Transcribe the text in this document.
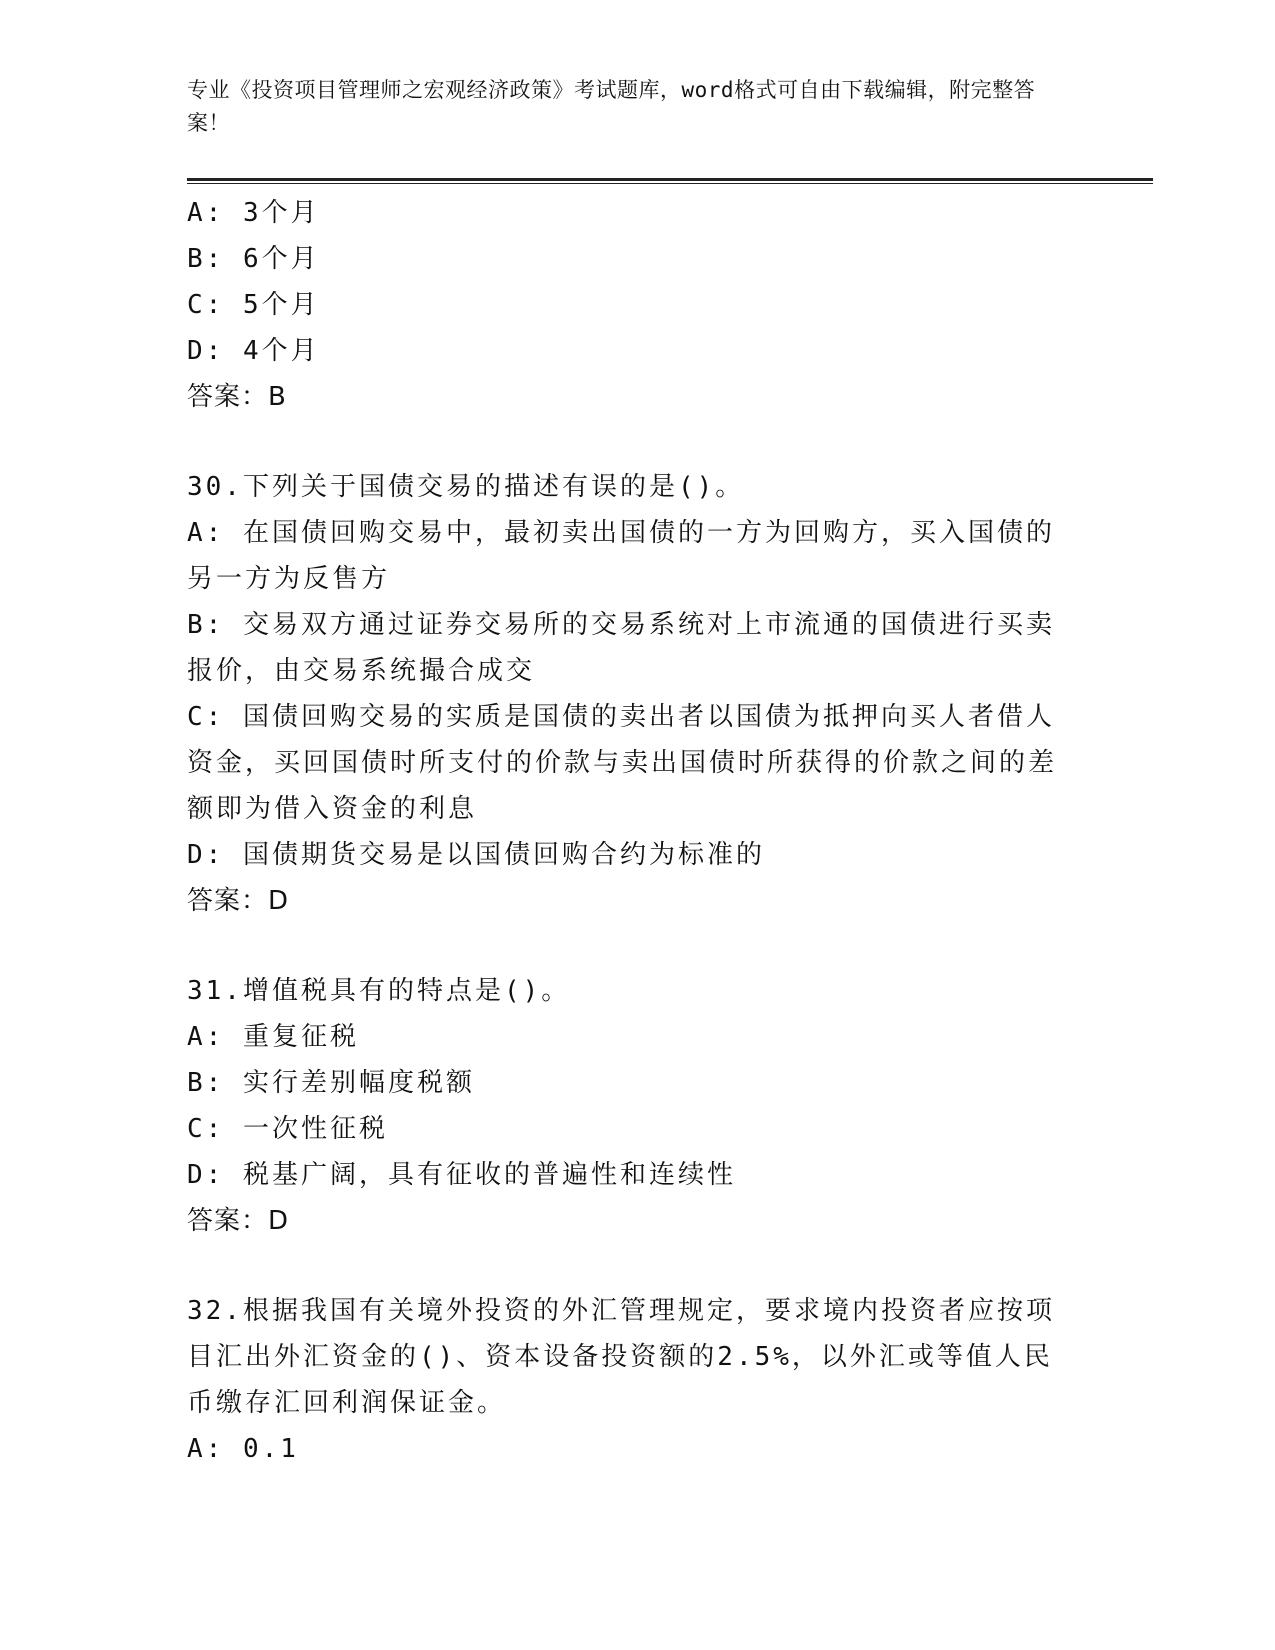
专业《投资项目管理师之宏观经济政策》考试题库，word格式可自由下载编辑，附完整答案！
A: 3个月
B: 6个月
C: 5个月
D: 4个月
答案：B
30.下列关于国债交易的描述有误的是()。
A: 在国债回购交易中，最初卖出国债的一方为回购方，买入国债的另一方为反售方
B: 交易双方通过证券交易所的交易系统对上市流通的国债进行买卖报价，由交易系统撮合成交
C: 国债回购交易的实质是国债的卖出者以国债为抵押向买人者借人资金，买回国债时所支付的价款与卖出国债时所获得的价款之间的差额即为借入资金的利息
D: 国债期货交易是以国债回购合约为标准的
答案：D
31.增值税具有的特点是()。
A: 重复征税
B: 实行差别幅度税额
C: 一次性征税
D: 税基广阔，具有征收的普遍性和连续性
答案：D
32.根据我国有关境外投资的外汇管理规定，要求境内投资者应按项目汇出外汇资金的()、资本设备投资额的2.5%，以外汇或等值人民币缴存汇回利润保证金。
A: 0.1
